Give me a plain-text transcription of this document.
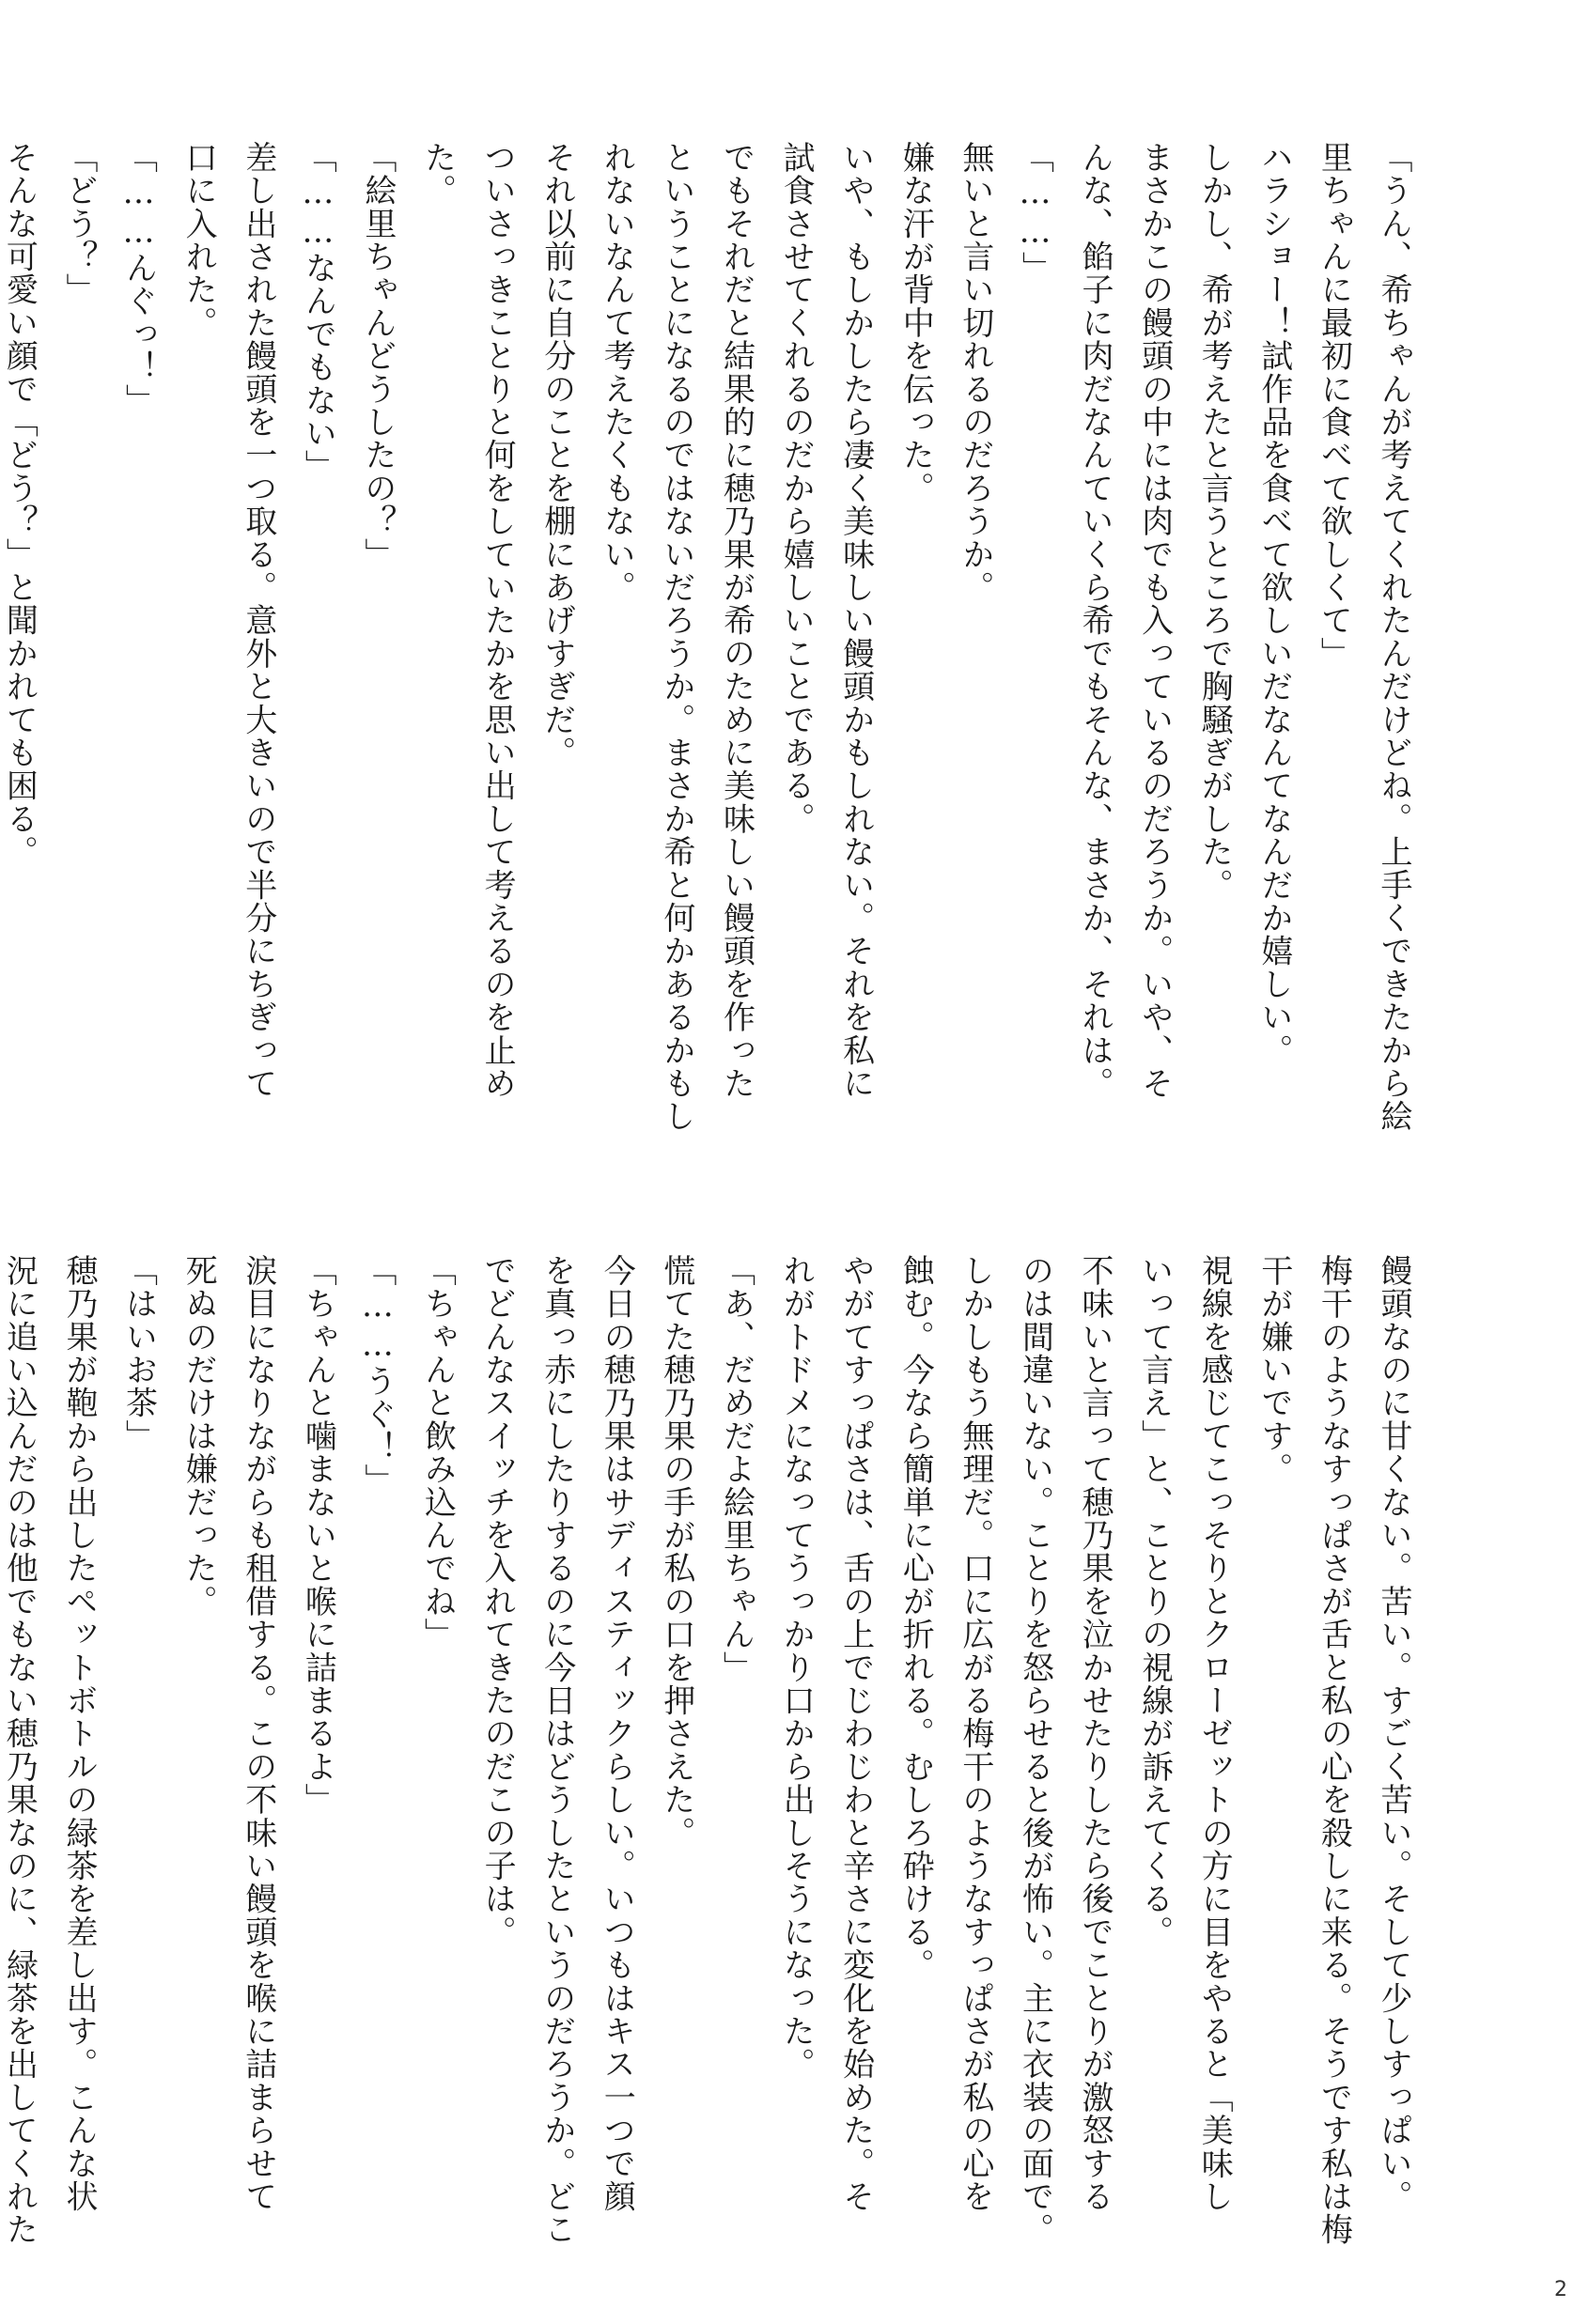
「うん、希ちゃんが考えてくれたんだけどね。上手くできたから絵

里ちゃんに最初に食べて欲しくて」

ハラショー！試作品を食べて欲しいだなんてなんだか嬉しい。

しかし、希が考えたと言うところで胸騒ぎがした。

まさかこの饅頭の中には肉でも入っているのだろうか。いや、そ

んな、餡子に肉だなんていくら希でもそんな、まさか、それは。

「……」

無いと言い切れるのだろうか。

嫌な汗が背中を伝った。

いや、もしかしたら凄く美味しい饅頭かもしれない。それを私に

試食させてくれるのだから嬉しいことである。

でもそれだと結果的に穂乃果が希のために美味しい饅頭を作った

ということになるのではないだろうか。まさか希と何かあるかもし

れないなんて考えたくもない。

それ以前に自分のことを棚にあげすぎだ。

ついさっきことりと何をしていたかを思い出して考えるのを止め

た。

「絵里ちゃんどうしたの？」

「……なんでもない」

差し出された饅頭を一つ取る。意外と大きいので半分にちぎって

口に入れた。

「……んぐっ！」

「どう？」

そんな可愛い顔で「どう？」と聞かれても困る。

饅頭なのに甘くない。苦い。すごく苦い。そして少しすっぱい。

梅干のようなすっぱさが舌と私の心を殺しに来る。そうです私は梅

干が嫌いです。

視線を感じてこっそりとクローゼットの方に目をやると「美味し

いって言え」と、ことりの視線が訴えてくる。

不味いと言って穂乃果を泣かせたりしたら後でことりが激怒する

のは間違いない。ことりを怒らせると後が怖い。主に衣装の面で。

しかしもう無理だ。口に広がる梅干のようなすっぱさが私の心を

蝕む。今なら簡単に心が折れる。むしろ砕ける。

やがてすっぱさは、舌の上でじわじわと辛さに変化を始めた。そ

れがトドメになってうっかり口から出しそうになった。

「あ、だめだよ絵里ちゃん」

慌てた穂乃果の手が私の口を押さえた。

今日の穂乃果はサディスティックらしい。いつもはキス一つで顔

を真っ赤にしたりするのに今日はどうしたというのだろうか。どこ

でどんなスイッチを入れてきたのだこの子は。

「ちゃんと飲み込んでね」

「……うぐ！」

「ちゃんと噛まないと喉に詰まるよ」

涙目になりながらも租借する。この不味い饅頭を喉に詰まらせて

死ぬのだけは嫌だった。

「はいお茶」

穂乃果が鞄から出したペットボトルの緑茶を差し出す。こんな状

況に追い込んだのは他でもない穂乃果なのに、緑茶を出してくれた

2
